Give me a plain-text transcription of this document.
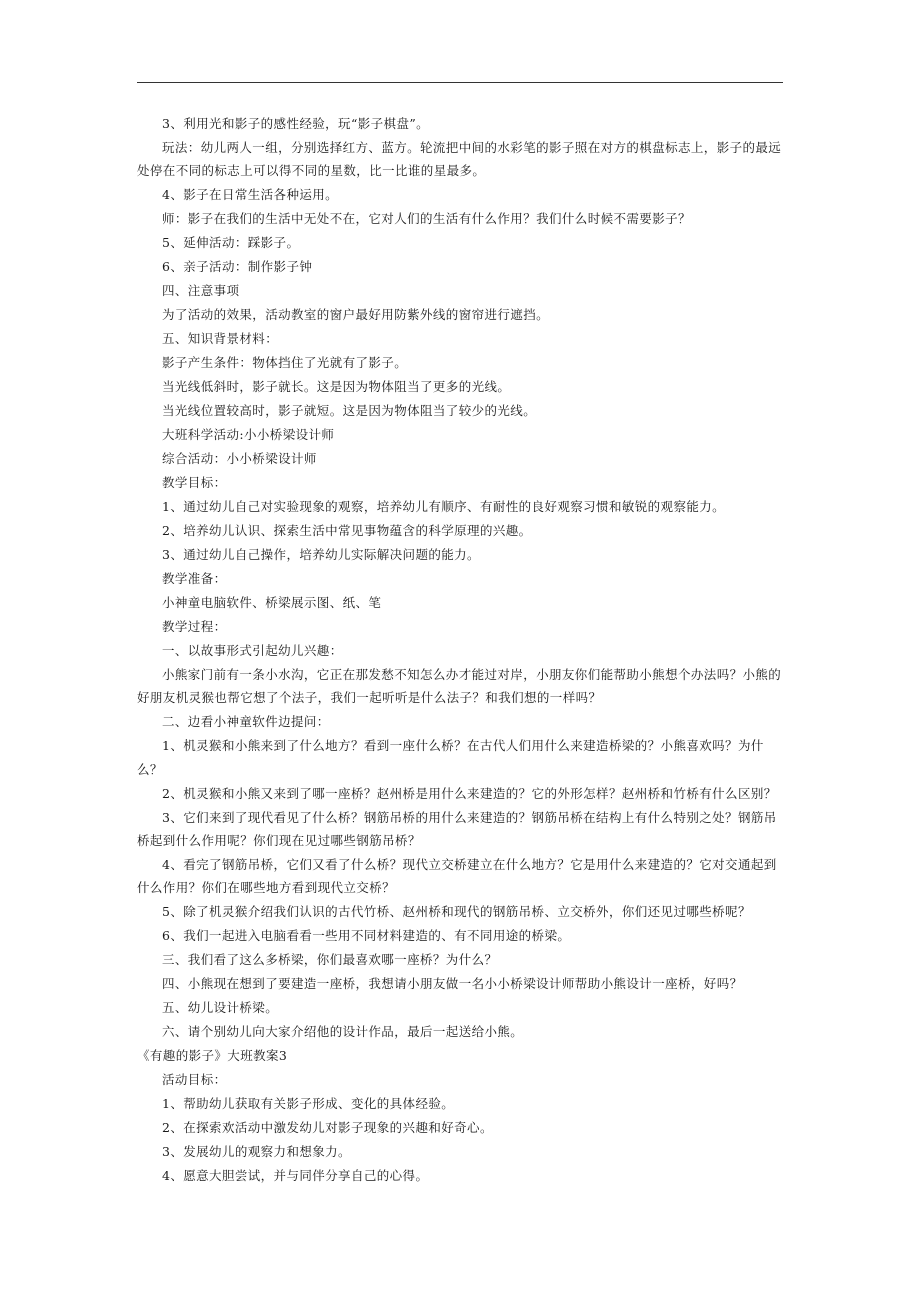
3、利用光和影子的感性经验，玩“影子棋盘”。

玩法：幼儿两人一组，分别选择红方、蓝方。轮流把中间的水彩笔的影子照在对方的棋盘标志上，影子的最远处停在不同的标志上可以得不同的星数，比一比谁的星最多。

4、影子在日常生活各种运用。

师：影子在我们的生活中无处不在，它对人们的生活有什么作用？我们什么时候不需要影子？

5、延伸活动：踩影子。

6、亲子活动：制作影子钟

四、注意事项

为了活动的效果，活动教室的窗户最好用防紫外线的窗帘进行遮挡。

五、知识背景材料：

影子产生条件：物体挡住了光就有了影子。

当光线低斜时，影子就长。这是因为物体阻当了更多的光线。

当光线位置较高时，影子就短。这是因为物体阻当了较少的光线。

大班科学活动:小小桥梁设计师

综合活动：小小桥梁设计师

教学目标：

1、通过幼儿自己对实验现象的观察，培养幼儿有顺序、有耐性的良好观察习惯和敏锐的观察能力。

2、培养幼儿认识、探索生活中常见事物蕴含的科学原理的兴趣。

3、通过幼儿自己操作，培养幼儿实际解决问题的能力。

教学准备：

小神童电脑软件、桥梁展示图、纸、笔

教学过程：

一、以故事形式引起幼儿兴趣：

小熊家门前有一条小水沟，它正在那发愁不知怎么办才能过对岸，小朋友你们能帮助小熊想个办法吗？小熊的好朋友机灵猴也帮它想了个法子，我们一起听听是什么法子？和我们想的一样吗？

二、边看小神童软件边提问：

1、机灵猴和小熊来到了什么地方？看到一座什么桥？在古代人们用什么来建造桥梁的？小熊喜欢吗？为什么？

2、机灵猴和小熊又来到了哪一座桥？赵州桥是用什么来建造的？它的外形怎样？赵州桥和竹桥有什么区别？

3、它们来到了现代看见了什么桥？钢筋吊桥的用什么来建造的？钢筋吊桥在结构上有什么特别之处？钢筋吊桥起到什么作用呢？你们现在见过哪些钢筋吊桥？

4、看完了钢筋吊桥，它们又看了什么桥？现代立交桥建立在什么地方？它是用什么来建造的？它对交通起到什么作用？你们在哪些地方看到现代立交桥？

5、除了机灵猴介绍我们认识的古代竹桥、赵州桥和现代的钢筋吊桥、立交桥外，你们还见过哪些桥呢？

6、我们一起进入电脑看看一些用不同材料建造的、有不同用途的桥梁。

三、我们看了这么多桥梁，你们最喜欢哪一座桥？为什么？

四、小熊现在想到了要建造一座桥，我想请小朋友做一名小小桥梁设计师帮助小熊设计一座桥，好吗？

五、幼儿设计桥梁。

六、请个别幼儿向大家介绍他的设计作品，最后一起送给小熊。

《有趣的影子》大班教案3

活动目标：

1、帮助幼儿获取有关影子形成、变化的具体经验。

2、在探索欢活动中激发幼儿对影子现象的兴趣和好奇心。

3、发展幼儿的观察力和想象力。

4、愿意大胆尝试，并与同伴分享自己的心得。
